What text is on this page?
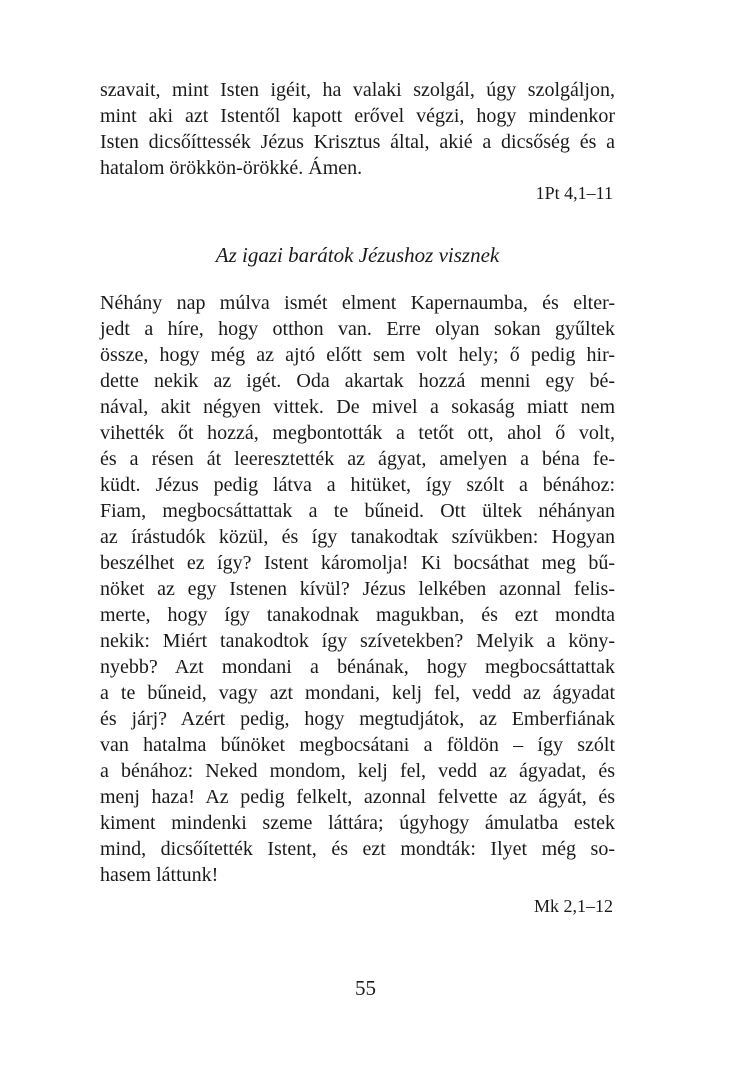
szavait, mint Isten igéit, ha valaki szolgál, úgy szolgáljon,
mint aki azt Istentől kapott erővel végzi, hogy mindenkor
Isten dicsőíttessék Jézus Krisztus által, akié a dicsőség és a
hatalom örökkön-örökké. Ámen.
1Pt 4,1–11
Az igazi barátok Jézushoz visznek
Néhány nap múlva ismét elment Kapernaumba, és elter-
jedt a híre, hogy otthon van. Erre olyan sokan gyűltek
össze, hogy még az ajtó előtt sem volt hely; ő pedig hir-
dette nekik az igét. Oda akartak hozzá menni egy bé-
nával, akit négyen vittek. De mivel a sokaság miatt nem
vihették őt hozzá, megbontották a tetőt ott, ahol ő volt,
és a résen át leeresztették az ágyat, amelyen a béna fe-
küdt. Jézus pedig látva a hitüket, így szólt a bénához:
Fiam, megbocsáttattak a te bűneid. Ott ültek néhányan
az írástudók közül, és így tanakodtak szívükben: Hogyan
beszélhet ez így? Istent káromolja! Ki bocsáthat meg bű-
nöket az egy Istenen kívül? Jézus lelkében azonnal felis-
merte, hogy így tanakodnak magukban, és ezt mondta
nekik: Miért tanakodtok így szívetekben? Melyik a köny-
nyebb? Azt mondani a bénának, hogy megbocsáttattak
a te bűneid, vagy azt mondani, kelj fel, vedd az ágyadat
és járj? Azért pedig, hogy megtudjátok, az Emberfiának
van hatalma bűnöket megbocsátani a földön – így szólt
a bénához: Neked mondom, kelj fel, vedd az ágyadat, és
menj haza! Az pedig felkelt, azonnal felvette az ágyát, és
kiment mindenki szeme láttára; úgyhogy ámulatba estek
mind, dicsőítették Istent, és ezt mondták: Ilyet még so-
hasem láttunk!
Mk 2,1–12
55
